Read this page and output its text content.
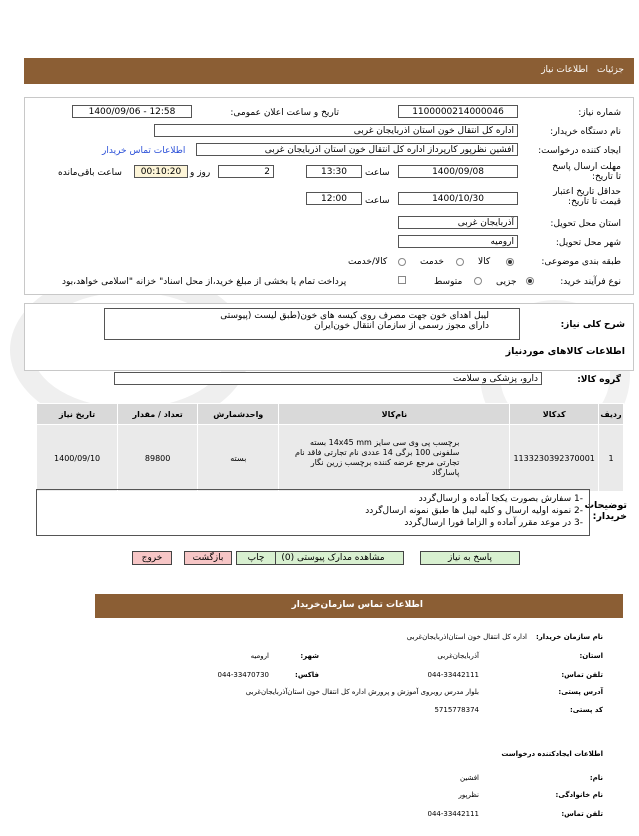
جزئیات
اطلاعات نیاز
شماره نیاز:
1100000214000046
تاریخ و ساعت اعلان عمومی:
1400/09/06 - 12:58
نام دستگاه خریدار:
اداره کل انتقال خون استان اذربایجان غربی
ایجاد کننده درخواست:
افشین نظرپور کارپرداز اداره کل انتقال خون استان اذربایجان غربی
اطلاعات تماس خریدار
مهلت ارسال پاسخ تا تاریخ:
1400/09/08
ساعت
13:30
2
روز و
00:10:20
ساعت باقی‌مانده
حداقل تاریخ اعتبار قیمت تا تاریخ:
1400/10/30
ساعت
12:00
استان محل تحویل:
آذربایجان غربی
شهر محل تحویل:
ارومیه
طبقه بندی موضوعی:
کالا
خدمت
کالا/خدمت
نوع فرآیند خرید:
جزیی
متوسط
پرداخت تمام یا بخشی از مبلغ خرید،از محل اسناد" خزانه "اسلامی خواهد،بود
شرح کلی نیاز:
لیبل اهدای خون جهت مصرف روی کیسه های خون(طبق لیست (پیوستی
دارای مجوز رسمی از سازمان انتقال خون‌ایران
اطلاعات کالاهای موردنیاز
گروه کالا:
دارو، پزشکی و سلامت
ردیف	کدکالا	نام‌کالا	واحدشمارش	تعداد / مقدار	تاریخ نیاز
1	1133230392370001	برچسب پی وی سی سایز 14x45 mm بسته سلفونی 100 برگی 14 عددی نام تجارتی فاقد نام تجارتی مرجع عرضه کننده برچسب زرین نگار پاسارگاد	بسته	89800	1400/09/10
توضیحات خریدار:
-1 سفارش بصورت یکجا آماده و ارسال‌گردد
-2 نمونه اولیه ارسال و کلیه لیبل ها طبق نمونه ارسال‌گردد
-3 در موعد مقرر آماده و الزاما فورا ارسال‌گردد
پاسخ به نیاز
مشاهده مدارک پیوستی (0)
چاپ
بازگشت
خروج
اطلاعات تماس سازمان‌خریدار
نام سازمان خریدار:
اداره کل انتقال خون استان‌اذربایجان‌غربی
استان:
آذربایجان‌غربی
شهر:
ارومیه
تلفن تماس:
044-33442111
فاکس:
044-33470730
آدرس پستی:
بلوار مدرس روبروی آموزش و پرورش اداره کل انتقال خون استان‌آذربایجان‌غربی
کد پستی:
5715778374
اطلاعات ایجادکننده درخواست
نام:
افشین
نام خانوادگی:
نظرپور
تلفن تماس:
044-33442111
